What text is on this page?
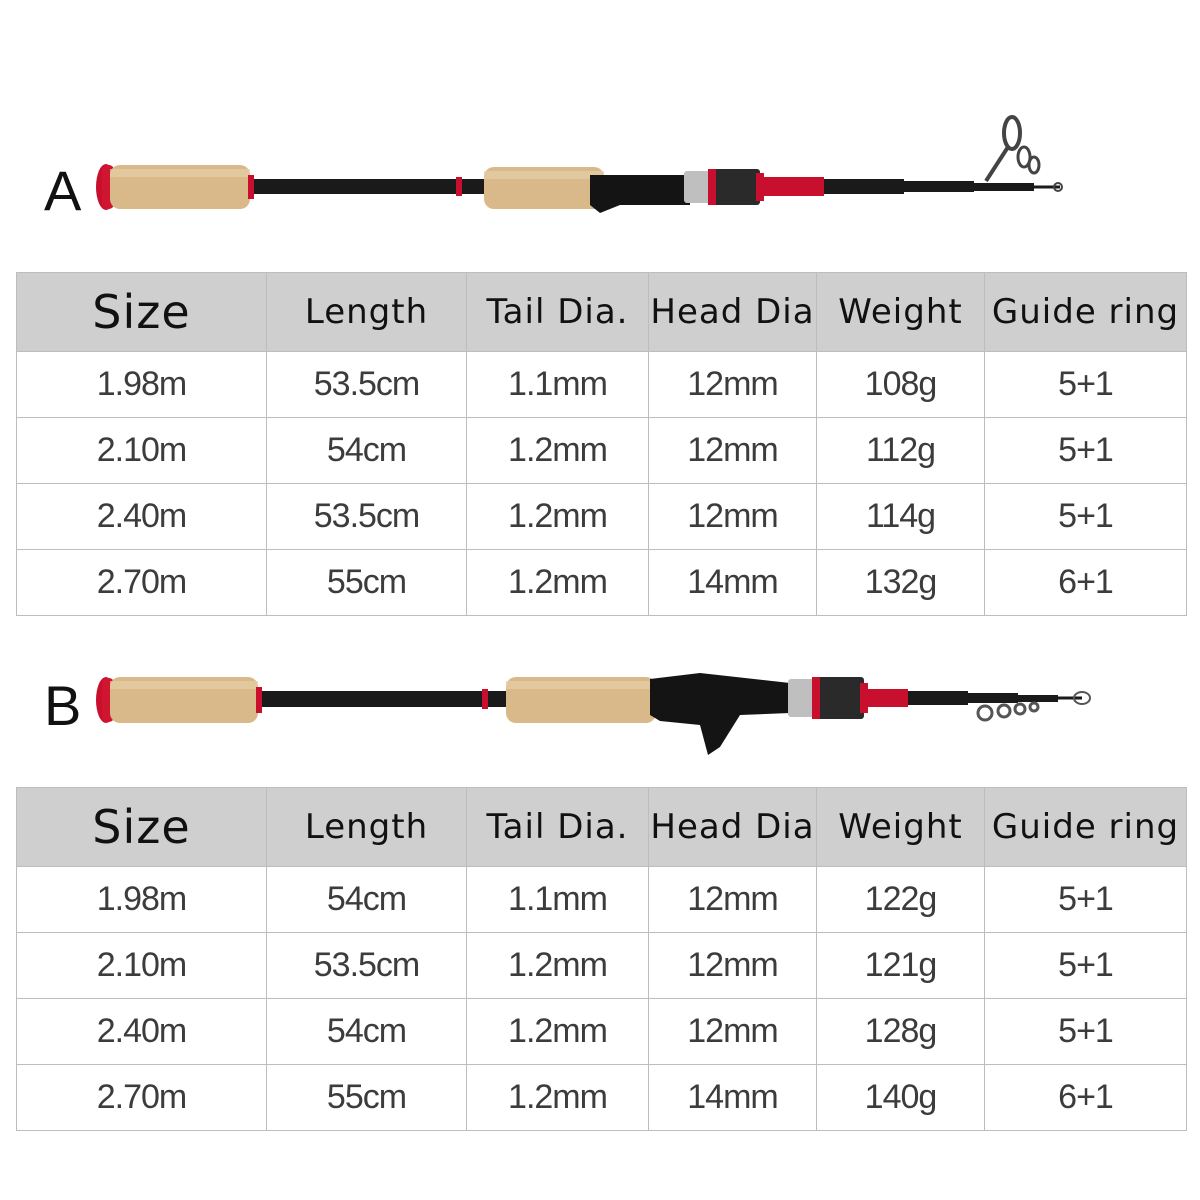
A
Size	Length	Tail Dia.	Head Dia	Weight	Guide ring
1.98m	53.5cm	1.1mm	12mm	108g	5+1
2.10m	54cm	1.2mm	12mm	112g	5+1
2.40m	53.5cm	1.2mm	12mm	114g	5+1
2.70m	55cm	1.2mm	14mm	132g	6+1
B
Size	Length	Tail Dia.	Head Dia	Weight	Guide ring
1.98m	54cm	1.1mm	12mm	122g	5+1
2.10m	53.5cm	1.2mm	12mm	121g	5+1
2.40m	54cm	1.2mm	12mm	128g	5+1
2.70m	55cm	1.2mm	14mm	140g	6+1
